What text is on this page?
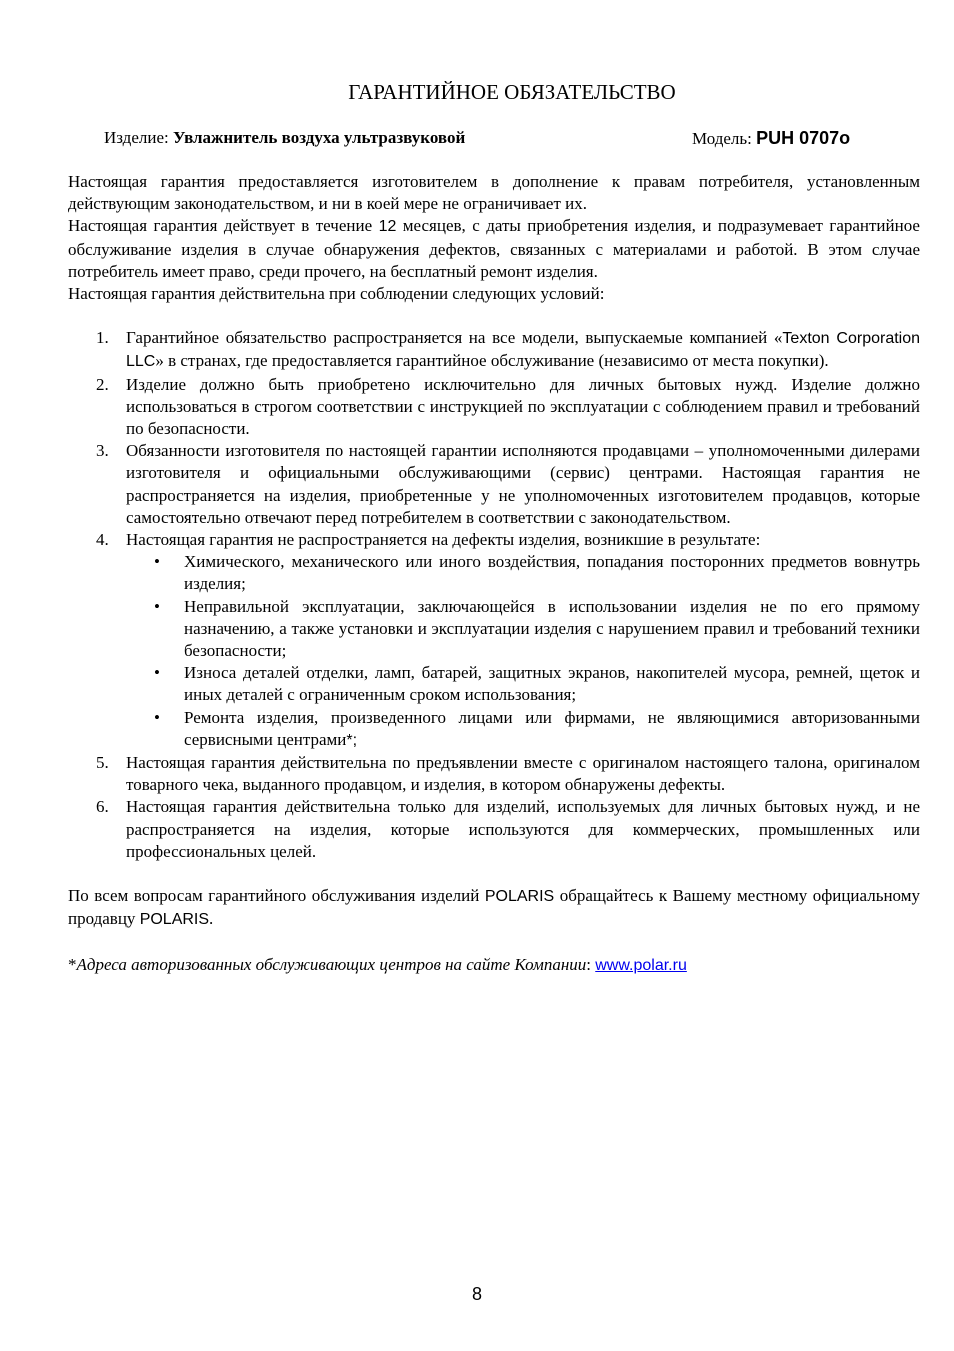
ГАРАНТИЙНОЕ ОБЯЗАТЕЛЬСТВО
Изделие: Увлажнитель воздуха ультразвуковой	Модель: PUH 0707o

Настоящая гарантия предоставляется изготовителем в дополнение к правам потребителя, установленным действующим законодательством, и ни в коей мере не ограничивает их.

Настоящая гарантия действует в течение 12 месяцев, с даты приобретения изделия, и подразумевает гарантийное обслуживание изделия в случае обнаружения дефектов, связанных с материалами и работой. В этом случае потребитель имеет право, среди прочего, на бесплатный ремонт изделия.

Настоящая гарантия действительна при соблюдении следующих условий:

1. Гарантийное обязательство распространяется на все модели, выпускаемые компанией «Texton Corporation LLC» в странах, где предоставляется гарантийное обслуживание (независимо от места покупки).
2. Изделие должно быть приобретено исключительно для личных бытовых нужд. Изделие должно использоваться в строгом соответствии с инструкцией по эксплуатации с соблюдением правил и требований по безопасности.
3. Обязанности изготовителя по настоящей гарантии исполняются продавцами – уполномоченными дилерами изготовителя и официальными обслуживающими (сервис) центрами. Настоящая гарантия не распространяется на изделия, приобретенные у не уполномоченных изготовителем продавцов, которые самостоятельно отвечают перед потребителем в соответствии с законодательством.
4. Настоящая гарантия не распространяется на дефекты изделия, возникшие в результате:
• Химического, механического или иного воздействия, попадания посторонних предметов вовнутрь изделия;
• Неправильной эксплуатации, заключающейся в использовании изделия не по его прямому назначению, а также установки и эксплуатации изделия с нарушением правил и требований техники безопасности;
• Износа деталей отделки, ламп, батарей, защитных экранов, накопителей мусора, ремней, щеток и иных деталей с ограниченным сроком использования;
• Ремонта изделия, произведенного лицами или фирмами, не являющимися авторизованными сервисными центрами*;
5. Настоящая гарантия действительна по предъявлении вместе с оригиналом настоящего талона, оригиналом товарного чека, выданного продавцом, и изделия, в котором обнаружены дефекты.
6. Настоящая гарантия действительна только для изделий, используемых для личных бытовых нужд, и не распространяется на изделия, которые используются для коммерческих, промышленных или профессиональных целей.

По всем вопросам гарантийного обслуживания изделий POLARIS обращайтесь к Вашему местному официальному продавцу POLARIS.

*Адреса авторизованных обслуживающих центров на сайте Компании: www.polar.ru

8
